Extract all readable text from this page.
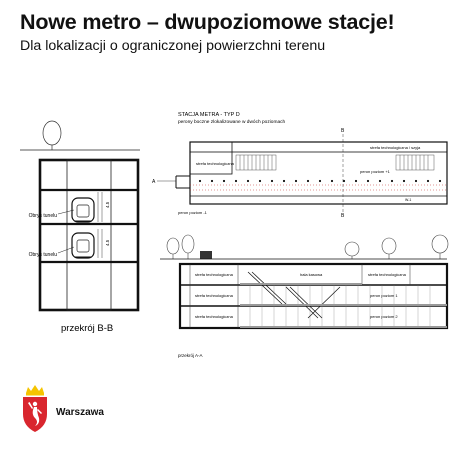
Nowe metro – dwupoziomowe stacje!
Dla lokalizacji o ograniczonej powierzchni terenu
Obrys tunelu
Obrys tunelu
4.5
4.5
przekrój B-B
STACJA METRA - TYP D
perony boczne zlokalizowane w dwóch poziomach
B
B
A
strefa technologiczna / szyja
strefa technologiczna
peron poziom +1
W-1
peron poziom -1
strefa technologiczna	hala kasowa	strefa technologiczna
strefa technologiczna	peron poziom 1
strefa technologiczna	peron poziom 2
przekrój A-A
Warszawa
